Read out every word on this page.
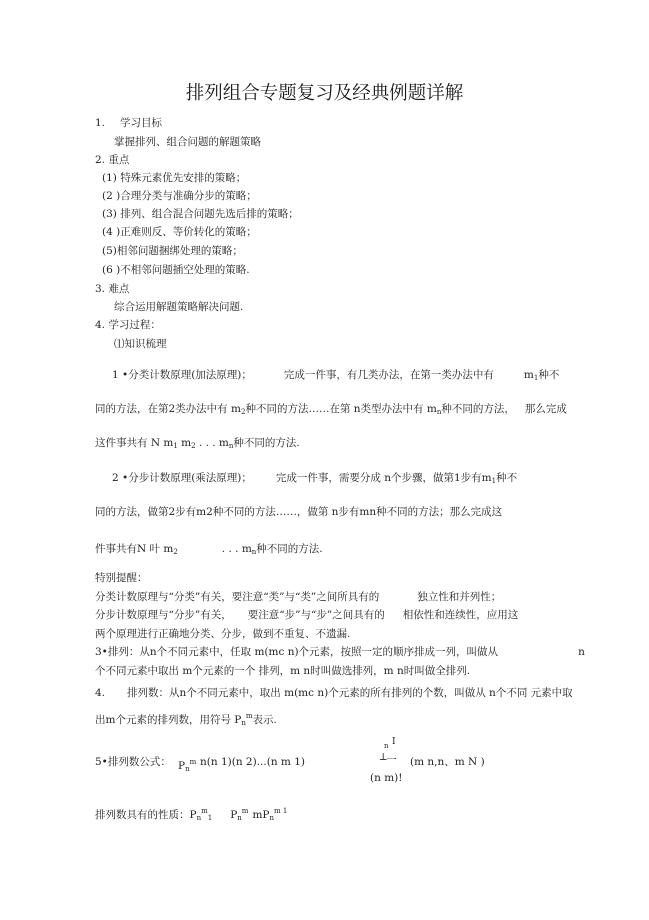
排列组合专题复习及经典例题详解
1. 学习目标
掌握排列、组合问题的解题策略
2. 重点
(1) 特殊元素优先安排的策略；
(2 )合理分类与准确分步的策略；
(3) 排列、组合混合问题先选后排的策略；
(4 )正难则反、等价转化的策略；
(5)相邻问题捆绑处理的策略；
(6 )不相邻问题插空处理的策略.
3. 难点
综合运用解题策略解决问题.
4. 学习过程：
⑴知识梳理
1 •分类计数原理(加法原理)；	完成一件事，有几类办法，在第一类办法中有	$m_1$种不
同的方法，在第2类办法中有 $m_2$种不同的方法……在第 n类型办法中有 $m_n$种不同的方法， 那么完成
这件事共有 N $m_1$ $m_2$ . . . $m_n$种不同的方法.
2 •分步计数原理(乘法原理)； 完成一件事，需要分成 n个步骤，做第1步有$m_1$种不
同的方法，做第2步有m2种不同的方法……，做第 n步有mn种不同的方法；那么完成这
件事共有N 叶 $m_2$	. . . $m_n$种不同的方法.
特别提醒：
分类计数原理与“分类”有关，要注意“类”与“类”之间所具有的	独立性和并列性；
分步计数原理与“分步”有关， 要注意“步”与“步”之间具有的 相依性和连续性，应用这
两个原理进行正确地分类、分步，做到不重复、不遗漏.
3•排列：从n个不同元素中，任取 m(mc n)个元素，按照一定的顺序排成一列，叫做从	n
个不同元素中取出 m个元素的一个 排列，m n时叫做选排列，m n时叫做全排列.
4. 排列数：从n个不同元素中，取出 m(mc n)个元素的所有排列的个数，叫做从 n个不同 元素中取
出m个元素的排列数，用符号 $P_n^m$表示.
5•排列数公式： $P_n^m$ n(n 1)(n 2)...(n m 1)
n I
┴一 (m n,n、m N )
(n m)!
排列数具有的性质：$P_n^m_1$ $P_n^m$ $mP_n^{m 1}$
